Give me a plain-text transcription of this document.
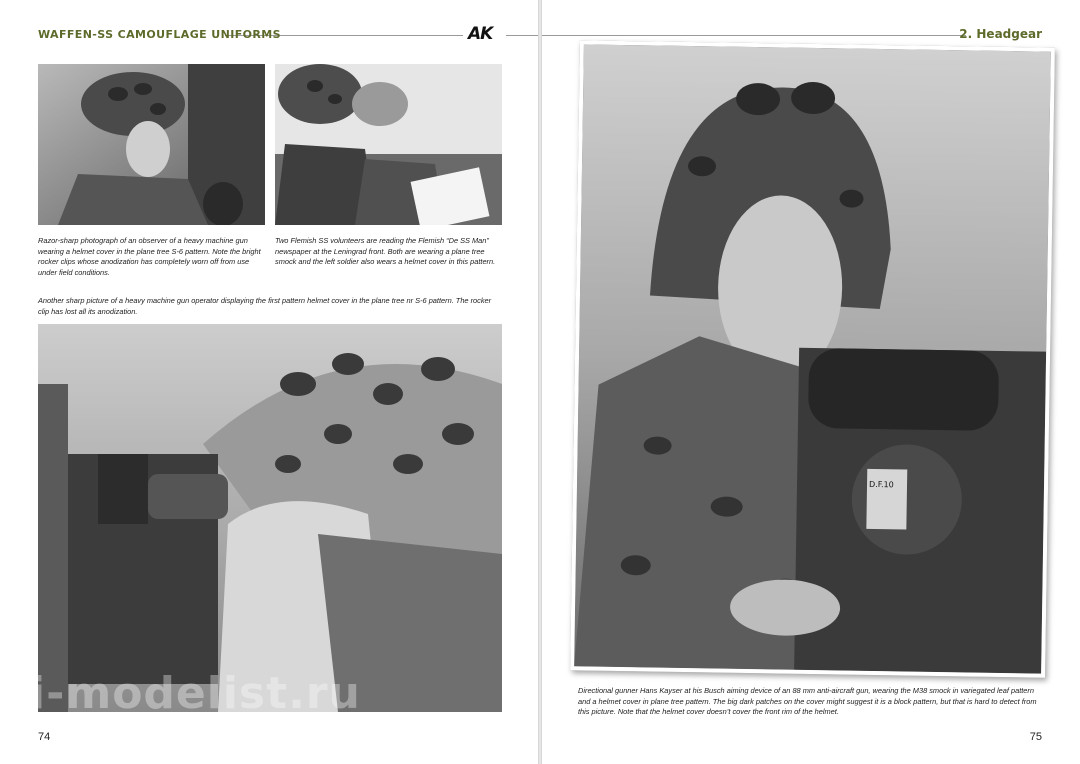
WAFFEN-SS CAMOUFLAGE UNIFORMS	AK
Razor-sharp photograph of an observer of a heavy machine gun wearing a helmet cover in the plane tree S-6 pattern. Note the bright rocker clips whose anodization has completely worn off from use under field conditions.
Two Flemish SS volunteers are reading the Flemish “De SS Man” newspaper at the Leningrad front. Both are wearing a plane tree smock and the left soldier also wears a helmet cover in this pattern.
Another sharp picture of a heavy machine gun operator displaying the first pattern helmet cover in the plane tree nr S-6 pattern. The rocker clip has lost all its anodization.
i-modelist.ru
74
2. Headgear
Directional gunner Hans Kayser at his Busch aiming device of an 88 mm anti-aircraft gun, wearing the M38 smock in variegated leaf pattern and a helmet cover in plane tree pattern. The big dark patches on the cover might suggest it is a block pattern, but that is hard to detect from this picture. Note that the helmet cover doesn’t cover the front rim of the helmet.
75
D.F.10
